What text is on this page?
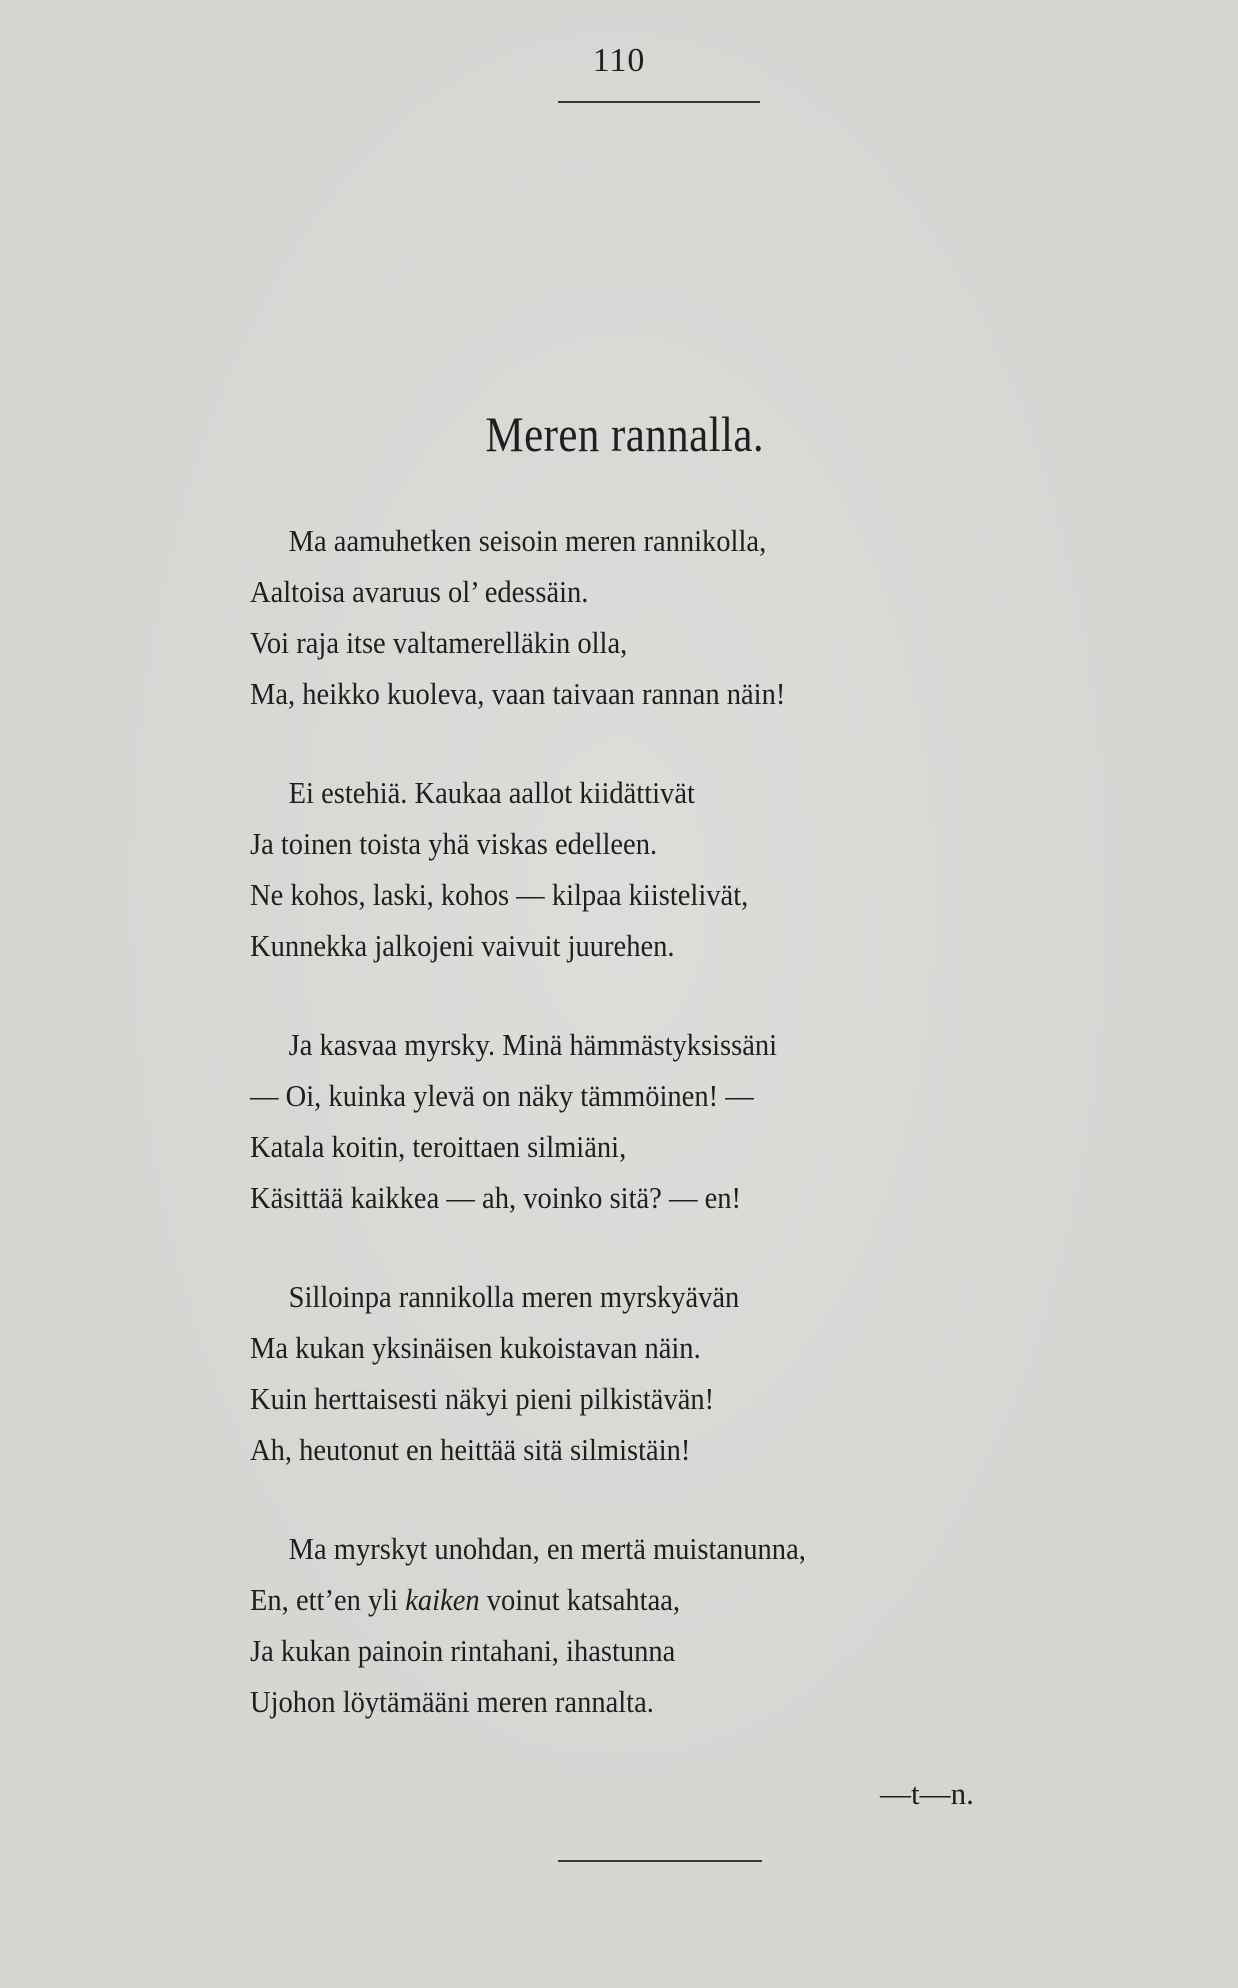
110
Meren rannalla.
Ma aamuhetken seisoin meren rannikolla,
Aaltoisa avaruus ol’ edessäin.
Voi raja itse valtamerelläkin olla,
Ma, heikko kuoleva, vaan taivaan rannan näin!
Ei estehiä. Kaukaa aallot kiidättivät
Ja toinen toista yhä viskas edelleen.
Ne kohos, laski, kohos — kilpaa kiistelivät,
Kunnekka jalkojeni vaivuit juurehen.
Ja kasvaa myrsky. Minä hämmästyksissäni
— Oi, kuinka ylevä on näky tämmöinen! —
Katala koitin, teroittaen silmiäni,
Käsittää kaikkea — ah, voinko sitä? — en!
Silloinpa rannikolla meren myrskyävän
Ma kukan yksinäisen kukoistavan näin.
Kuin herttaisesti näkyi pieni pilkistävän!
Ah, heutonut en heittää sitä silmistäin!
Ma myrskyt unohdan, en mertä muistanunna,
En, ett’en yli kaiken voinut katsahtaa,
Ja kukan painoin rintahani, ihastunna
Ujohon löytämääni meren rannalta.
—t—n.
